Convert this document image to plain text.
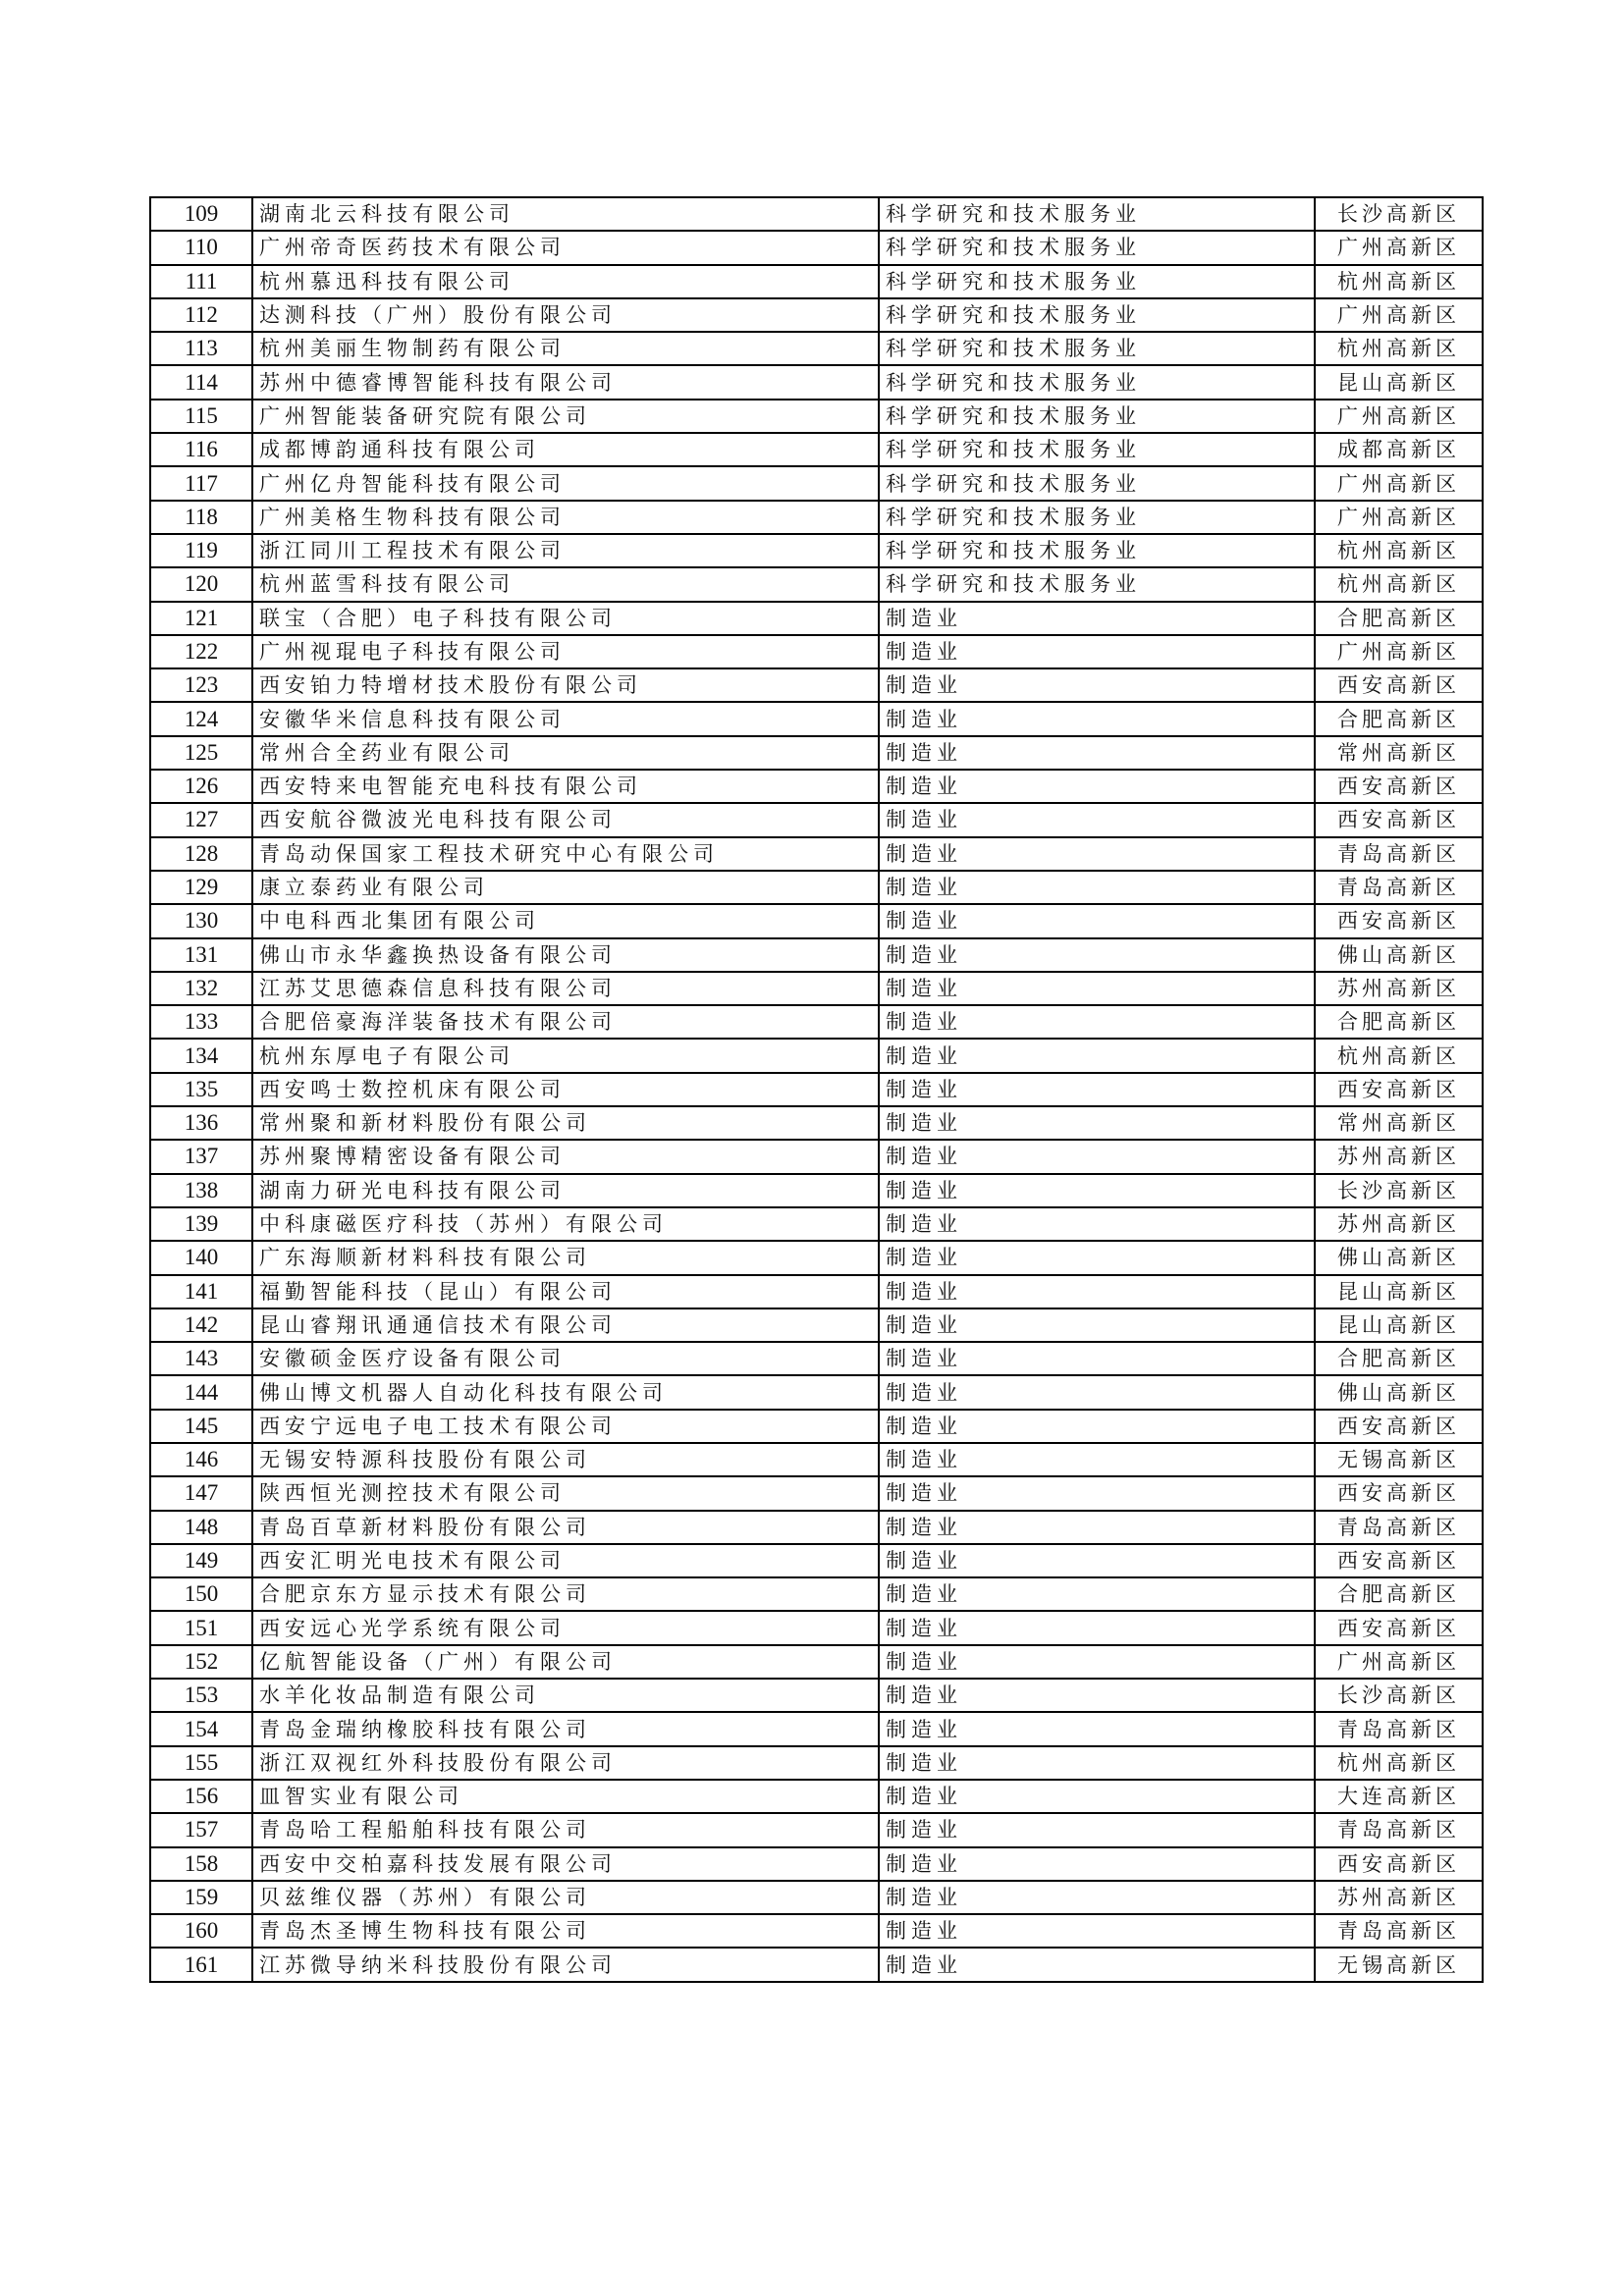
109	湖南北云科技有限公司	科学研究和技术服务业	长沙高新区
110	广州帝奇医药技术有限公司	科学研究和技术服务业	广州高新区
111	杭州慕迅科技有限公司	科学研究和技术服务业	杭州高新区
112	达测科技（广州）股份有限公司	科学研究和技术服务业	广州高新区
113	杭州美丽生物制药有限公司	科学研究和技术服务业	杭州高新区
114	苏州中德睿博智能科技有限公司	科学研究和技术服务业	昆山高新区
115	广州智能装备研究院有限公司	科学研究和技术服务业	广州高新区
116	成都博韵通科技有限公司	科学研究和技术服务业	成都高新区
117	广州亿舟智能科技有限公司	科学研究和技术服务业	广州高新区
118	广州美格生物科技有限公司	科学研究和技术服务业	广州高新区
119	浙江同川工程技术有限公司	科学研究和技术服务业	杭州高新区
120	杭州蓝雪科技有限公司	科学研究和技术服务业	杭州高新区
121	联宝（合肥）电子科技有限公司	制造业	合肥高新区
122	广州视琨电子科技有限公司	制造业	广州高新区
123	西安铂力特增材技术股份有限公司	制造业	西安高新区
124	安徽华米信息科技有限公司	制造业	合肥高新区
125	常州合全药业有限公司	制造业	常州高新区
126	西安特来电智能充电科技有限公司	制造业	西安高新区
127	西安航谷微波光电科技有限公司	制造业	西安高新区
128	青岛动保国家工程技术研究中心有限公司	制造业	青岛高新区
129	康立泰药业有限公司	制造业	青岛高新区
130	中电科西北集团有限公司	制造业	西安高新区
131	佛山市永华鑫换热设备有限公司	制造业	佛山高新区
132	江苏艾思德森信息科技有限公司	制造业	苏州高新区
133	合肥倍豪海洋装备技术有限公司	制造业	合肥高新区
134	杭州东厚电子有限公司	制造业	杭州高新区
135	西安鸣士数控机床有限公司	制造业	西安高新区
136	常州聚和新材料股份有限公司	制造业	常州高新区
137	苏州聚博精密设备有限公司	制造业	苏州高新区
138	湖南力研光电科技有限公司	制造业	长沙高新区
139	中科康磁医疗科技（苏州）有限公司	制造业	苏州高新区
140	广东海顺新材料科技有限公司	制造业	佛山高新区
141	福勤智能科技（昆山）有限公司	制造业	昆山高新区
142	昆山睿翔讯通通信技术有限公司	制造业	昆山高新区
143	安徽硕金医疗设备有限公司	制造业	合肥高新区
144	佛山博文机器人自动化科技有限公司	制造业	佛山高新区
145	西安宁远电子电工技术有限公司	制造业	西安高新区
146	无锡安特源科技股份有限公司	制造业	无锡高新区
147	陕西恒光测控技术有限公司	制造业	西安高新区
148	青岛百草新材料股份有限公司	制造业	青岛高新区
149	西安汇明光电技术有限公司	制造业	西安高新区
150	合肥京东方显示技术有限公司	制造业	合肥高新区
151	西安远心光学系统有限公司	制造业	西安高新区
152	亿航智能设备（广州）有限公司	制造业	广州高新区
153	水羊化妆品制造有限公司	制造业	长沙高新区
154	青岛金瑞纳橡胶科技有限公司	制造业	青岛高新区
155	浙江双视红外科技股份有限公司	制造业	杭州高新区
156	皿智实业有限公司	制造业	大连高新区
157	青岛哈工程船舶科技有限公司	制造业	青岛高新区
158	西安中交柏嘉科技发展有限公司	制造业	西安高新区
159	贝兹维仪器（苏州）有限公司	制造业	苏州高新区
160	青岛杰圣博生物科技有限公司	制造业	青岛高新区
161	江苏微导纳米科技股份有限公司	制造业	无锡高新区
